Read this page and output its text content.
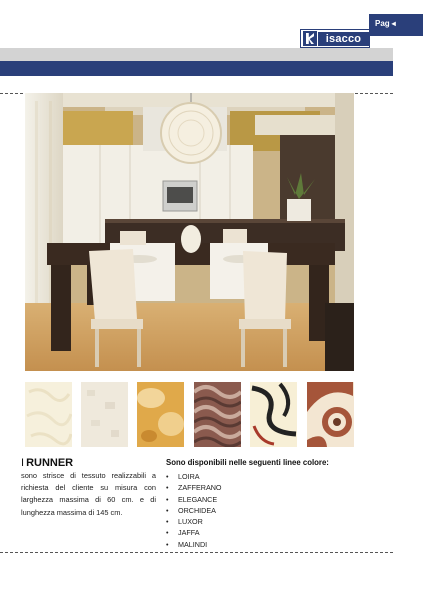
Pag ◂
isacco
I RUNNER

sono strisce di tessuto realizzabili a richiesta del cliente su misura con larghezza massima di 60 cm. e di lunghezza massima di 145 cm.

Sono disponibili nelle seguenti linee colore:
• LOIRA
• ZAFFERANO
• ELEGANCE
• ORCHIDEA
• LUXOR
• JAFFA
• MALINDI
